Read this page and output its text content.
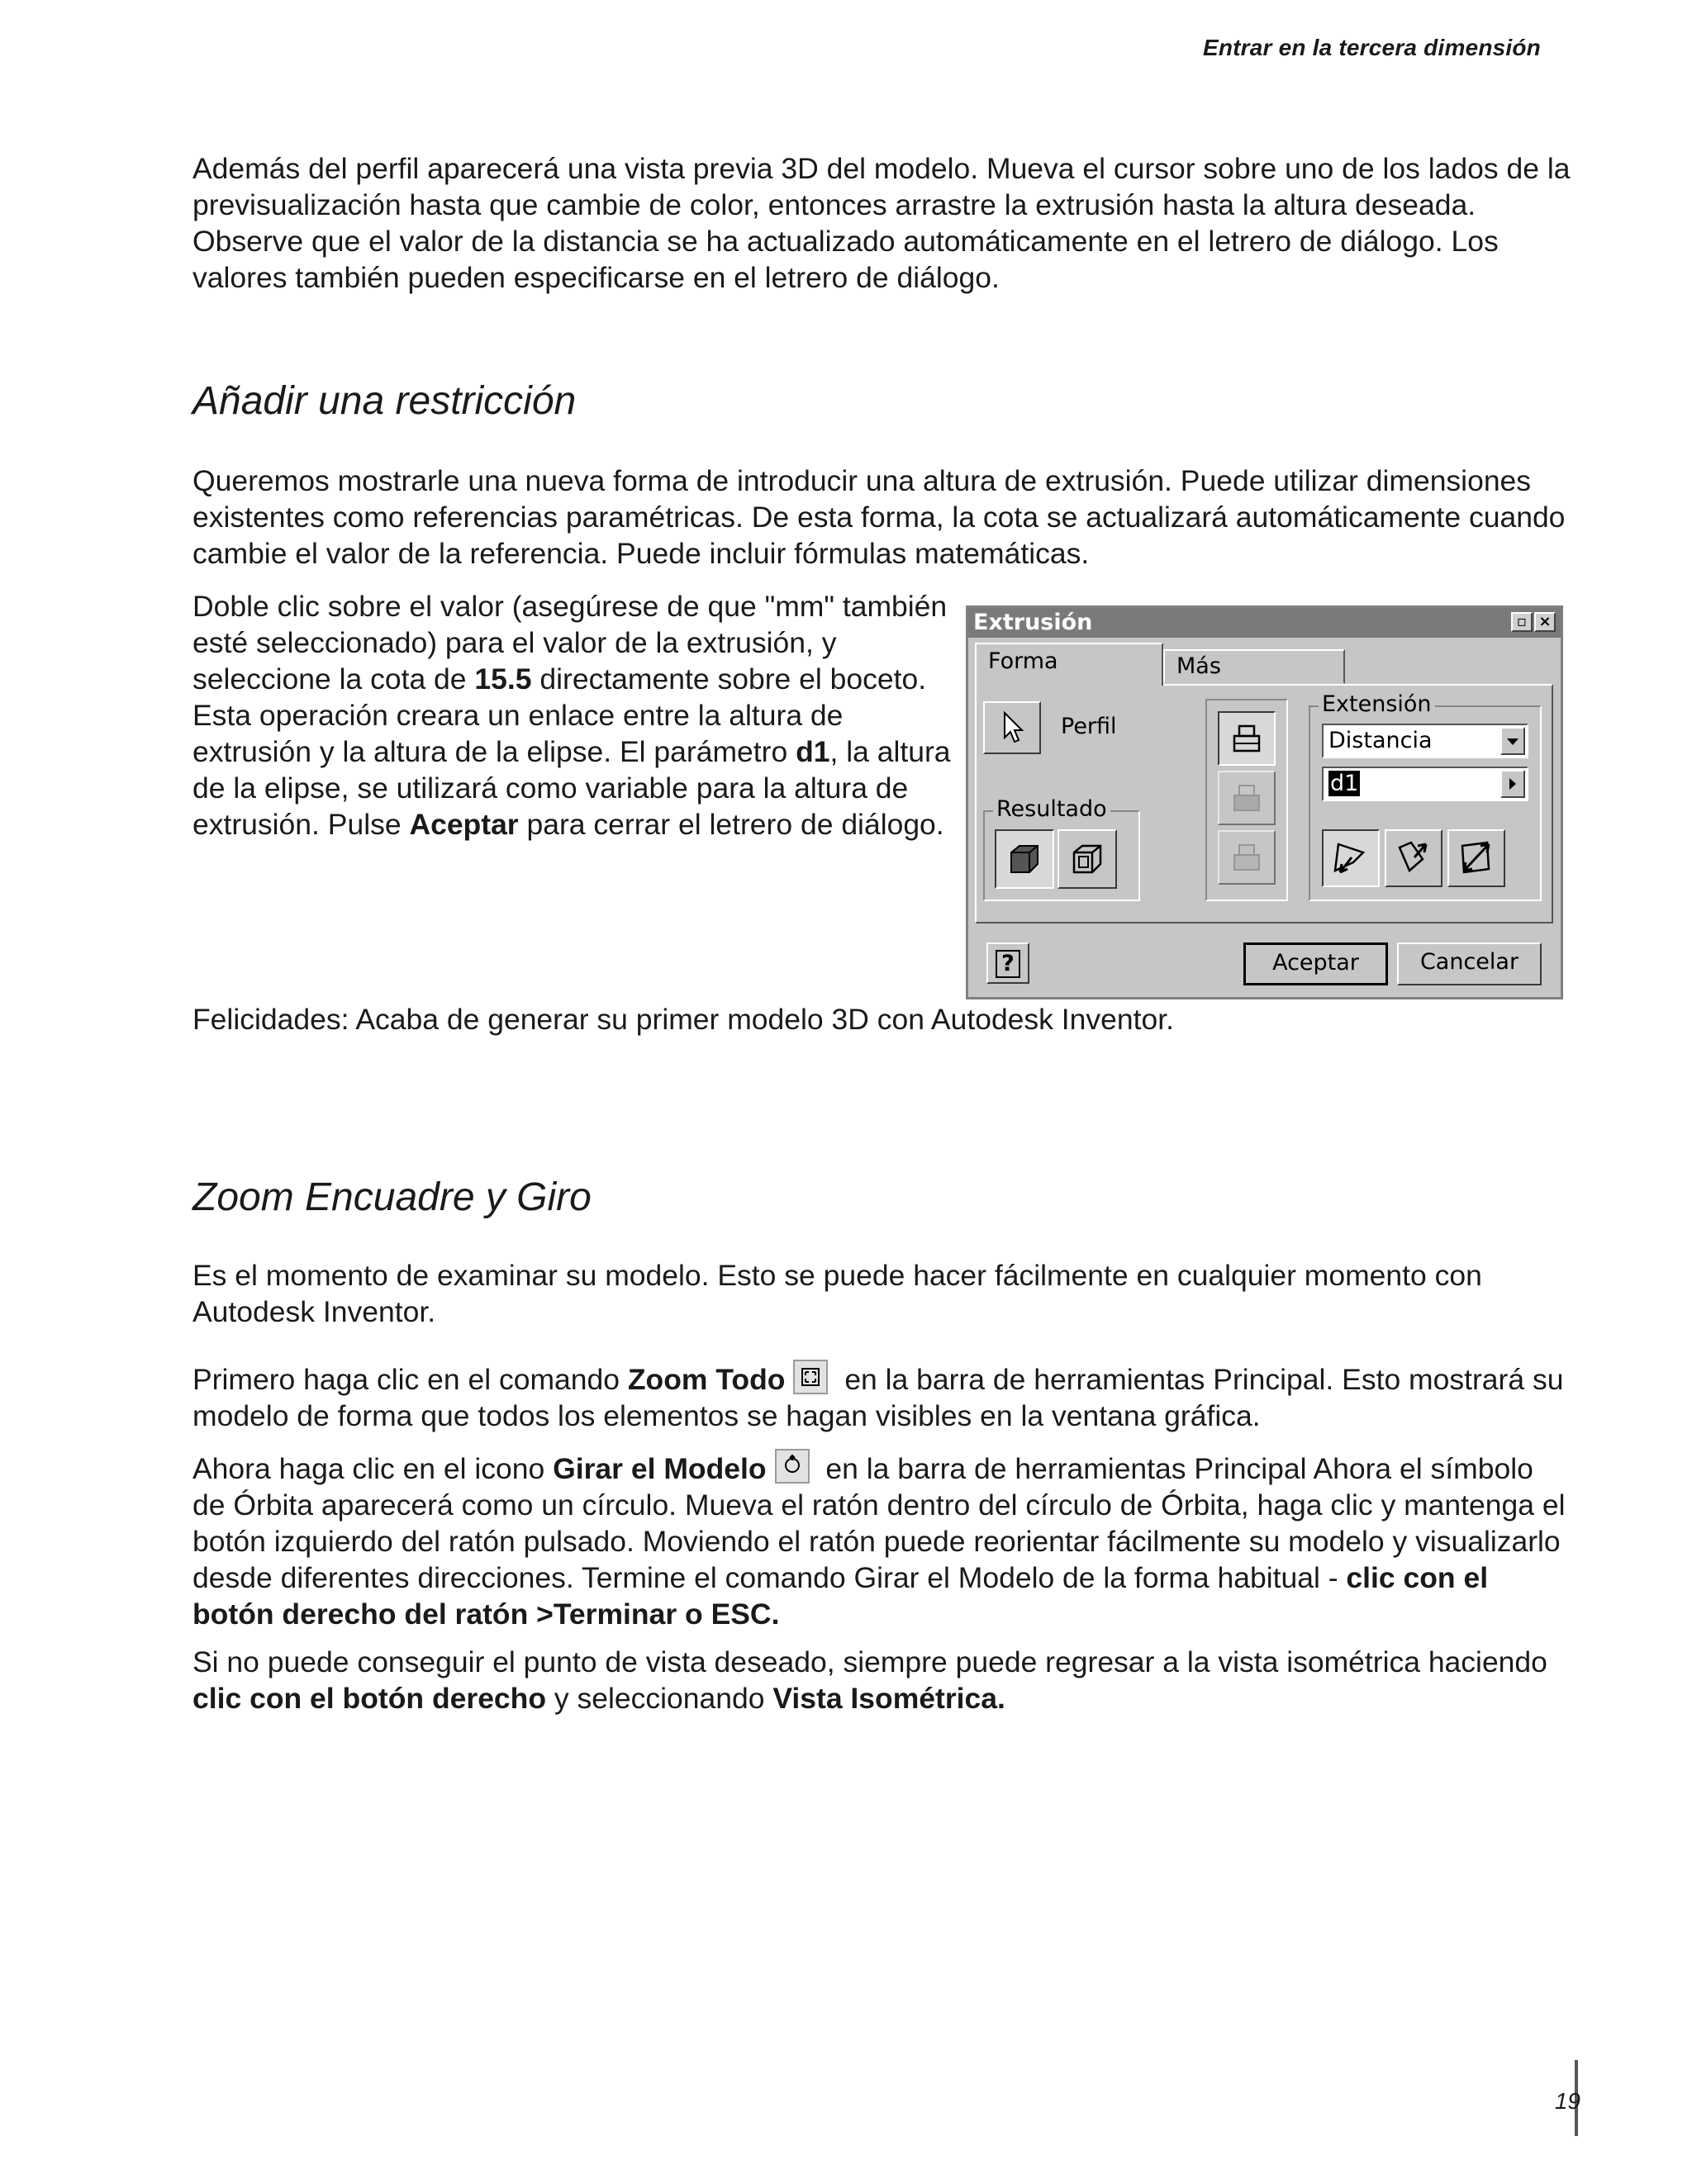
Entrar en la tercera dimensión

Además del perfil aparecerá una vista previa 3D del modelo. Mueva el cursor sobre uno de los lados de la previsualización hasta que cambie de color, entonces arrastre la extrusión hasta la altura deseada. Observe que el valor de la distancia se ha actualizado automáticamente en el letrero de diálogo. Los valores también pueden especificarse en el letrero de diálogo.

Añadir una restricción

Queremos mostrarle una nueva forma de introducir una altura de extrusión. Puede utilizar dimensiones existentes como referencias paramétricas. De esta forma, la cota se actualizará automáticamente cuando cambie el valor de la referencia. Puede incluir fórmulas matemáticas.

Doble clic sobre el valor (asegúrese de que "mm" también esté seleccionado) para el valor de la extrusión, y seleccione la cota de 15.5 directamente sobre el boceto. Esta operación creara un enlace entre la altura de extrusión y la altura de la elipse. El parámetro d1, la altura de la elipse, se utilizará como variable para la altura de extrusión. Pulse Aceptar para cerrar el letrero de diálogo.

Extrusión	▫ ×
Forma	Más
Perfil
Resultado
Extensión
Distancia
d1
?	Aceptar	Cancelar

Felicidades: Acaba de generar su primer modelo 3D con Autodesk Inventor.

Zoom Encuadre y Giro

Es el momento de examinar su modelo. Esto se puede hacer fácilmente en cualquier momento con Autodesk Inventor.

Primero haga clic en el comando Zoom Todo
en la barra de herramientas Principal. Esto mostrará su modelo de forma que todos los elementos se hagan visibles en la ventana gráfica.

Ahora haga clic en el icono Girar el Modelo
en la barra de herramientas Principal Ahora el símbolo de Órbita aparecerá como un círculo. Mueva el ratón dentro del círculo de Órbita, haga clic y mantenga el botón izquierdo del ratón pulsado. Moviendo el ratón puede reorientar fácilmente su modelo y visualizarlo desde diferentes direcciones. Termine el comando Girar el Modelo de la forma habitual - clic con el botón derecho del ratón >Terminar o ESC.

Si no puede conseguir el punto de vista deseado, siempre puede regresar a la vista isométrica haciendo clic con el botón derecho y seleccionando Vista Isométrica.

19
